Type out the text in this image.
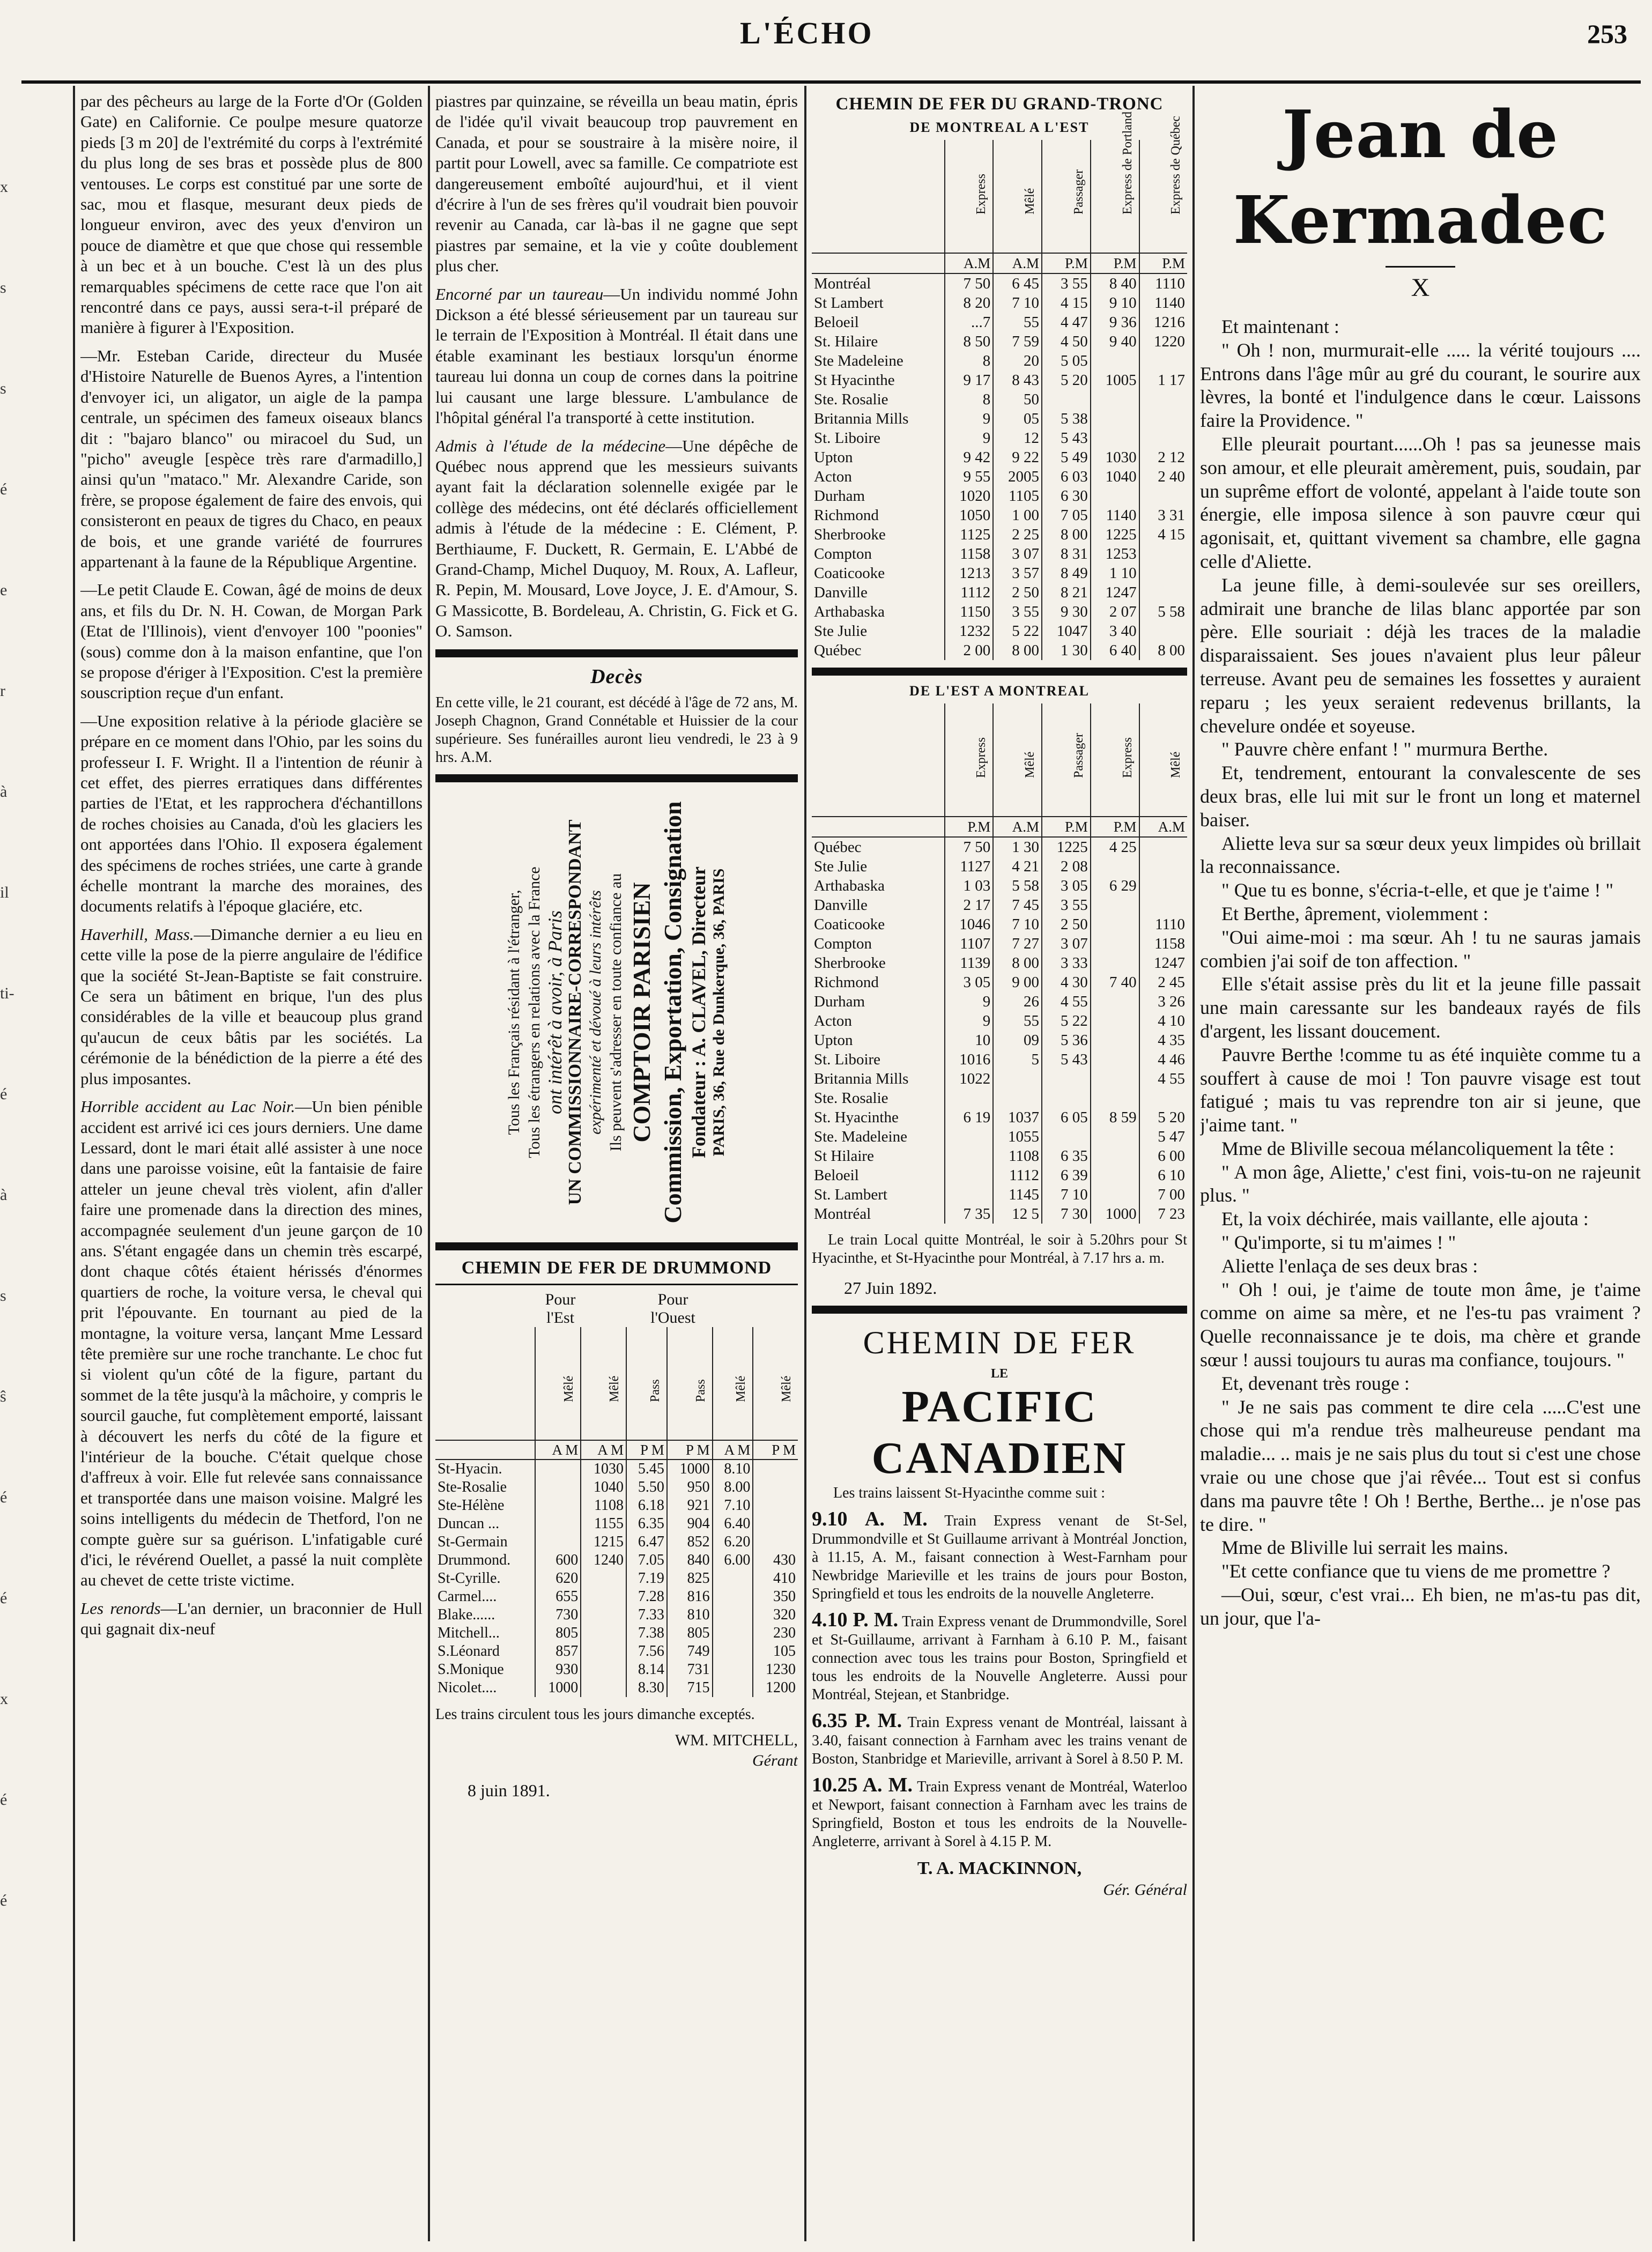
L'ÉCHO	253
x
s
s
é
e
r
à
il
ti-
é
à
s
ŝ
é
é
x
é
é

par des pêcheurs au large de la Forte d'Or (Golden Gate) en Californie. Ce poulpe mesure quatorze pieds [3 m 20] de l'extrémité du corps à l'extrémité du plus long de ses bras et possède plus de 800 ventouses. Le corps est constitué par une sorte de sac, mou et flasque, mesurant deux pieds de longueur environ, avec des yeux d'environ un pouce de diamètre et que que chose qui ressemble à un bec et à un bouche. C'est là un des plus remarquables spécimens de cette race que l'on ait rencontré dans ce pays, aussi sera-t-il préparé de manière à figurer à l'Exposition.

—Mr. Esteban Caride, directeur du Musée d'Histoire Naturelle de Buenos Ayres, a l'intention d'envoyer ici, un aligator, un aigle de la pampa centrale, un spécimen des fameux oiseaux blancs dit : "bajaro blanco" ou miracoel du Sud, un "picho" aveugle [espèce très rare d'armadillo,] ainsi qu'un "mataco." Mr. Alexandre Caride, son frère, se propose également de faire des envois, qui consisteront en peaux de tigres du Chaco, en peaux de bois, et une grande variété de fourrures appartenant à la faune de la République Argentine.

—Le petit Claude E. Cowan, âgé de moins de deux ans, et fils du Dr. N. H. Cowan, de Morgan Park (Etat de l'Illinois), vient d'envoyer 100 "poonies" (sous) comme don à la maison enfantine, que l'on se propose d'ériger à l'Exposition. C'est la première souscription reçue d'un enfant.

—Une exposition relative à la période glacière se prépare en ce moment dans l'Ohio, par les soins du professeur I. F. Wright. Il a l'intention de réunir à cet effet, des pierres erratiques dans différentes parties de l'Etat, et les rapprochera d'échantillons de roches choisies au Canada, d'où les glaciers les ont apportées dans l'Ohio. Il exposera également des spécimens de roches striées, une carte à grande échelle montrant la marche des moraines, des documents relatifs à l'époque glaciére, etc.

Haverhill, Mass.—Dimanche dernier a eu lieu en cette ville la pose de la pierre angulaire de l'édifice que la société St-Jean-Baptiste se fait construire. Ce sera un bâtiment en brique, l'un des plus considérables de la ville et beaucoup plus grand qu'aucun de ceux bâtis par les sociétés. La cérémonie de la bénédiction de la pierre a été des plus imposantes.

Horrible accident au Lac Noir.—Un bien pénible accident est arrivé ici ces jours derniers. Une dame Lessard, dont le mari était allé assister à une noce dans une paroisse voisine, eût la fantaisie de faire atteler un jeune cheval très violent, afin d'aller faire une promenade dans la direction des mines, accompagnée seulement d'un jeune garçon de 10 ans. S'étant engagée dans un chemin très escarpé, dont chaque côtés étaient hérissés d'énormes quartiers de roche, la voiture versa, le cheval qui prit l'épouvante. En tournant au pied de la montagne, la voiture versa, lançant Mme Lessard tête première sur une roche tranchante. Le choc fut si violent qu'un côté de la figure, partant du sommet de la tête jusqu'à la mâchoire, y compris le sourcil gauche, fut complètement emporté, laissant à découvert les nerfs du côté de la figure et l'intérieur de la bouche. C'était quelque chose d'affreux à voir. Elle fut relevée sans connaissance et transportée dans une maison voisine. Malgré les soins intelligents du médecin de Thetford, l'on ne compte guère sur sa guérison. L'infatigable curé d'ici, le révérend Ouellet, a passé la nuit complète au chevet de cette triste victime.

Les renords—L'an dernier, un braconnier de Hull qui gagnait dix-neuf

piastres par quinzaine, se réveilla un beau matin, épris de l'idée qu'il vivait beaucoup trop pauvrement en Canada, et pour se soustraire à la misère noire, il partit pour Lowell, avec sa famille. Ce compatriote est dangereusement emboîté aujourd'hui, et il vient d'écrire à l'un de ses frères qu'il voudrait bien pouvoir revenir au Canada, car là-bas il ne gagne que sept piastres par semaine, et la vie y coûte doublement plus cher.

Encorné par un taureau—Un individu nommé John Dickson a été blessé sérieusement par un taureau sur le terrain de l'Exposition à Montréal. Il était dans une étable examinant les bestiaux lorsqu'un énorme taureau lui donna un coup de cornes dans la poitrine lui causant une large blessure. L'ambulance de l'hôpital général l'a transporté à cette institution.

Admis à l'étude de la médecine—Une dépêche de Québec nous apprend que les messieurs suivants ayant fait la déclaration solennelle exigée par le collège des médecins, ont été déclarés officiellement admis à l'étude de la médecine : E. Clément, P. Berthiaume, F. Duckett, R. Germain, E. L'Abbé de Grand-Champ, Michel Duquoy, M. Roux, A. Lafleur, R. Pepin, M. Mousard, Love Joyce, J. E. d'Amour, S. G Massicotte, B. Bordeleau, A. Christin, G. Fick et G. O. Samson.

Decès

En cette ville, le 21 courant, est décédé à l'âge de 72 ans, M. Joseph Chagnon, Grand Connétable et Huissier de la cour supérieure. Ses funérailles auront lieu vendredi, le 23 à 9 hrs. A.M.

Tous les Français résidant à l'étranger, Tous les étrangers en relations avec la France ont intérêt à avoir, à Paris UN COMMISSIONNAIRE-CORRESPONDANT expérimenté et dévoué à leurs intérêts Ils peuvent s'adresser en toute confiance au COMPTOIR PARISIEN Commission, Exportation, Consignation Fondateur : A. CLAVEL, Directeur PARIS, 36, Rue de Dunkerque, 36, PARIS
CHEMIN DE FER DE DRUMMOND
Pour l'Est
Pour l'Ouest
	Mêlé	Mêlé	Pass	Pass	Mêlé	Mêlé
	A M	A M	P M	P M	A M	P M
St-Hyacin.		1030	5.45	1000	8.10	
Ste-Rosalie		1040	5.50	950	8.00	
Ste-Hélène		1108	6.18	921	7.10	
Duncan ...		1155	6.35	904	6.40	
St-Germain		1215	6.47	852	6.20	
Drummond.	600	1240	7.05	840	6.00	430
St-Cyrille.	620		7.19	825		410
Carmel....	655		7.28	816		350
Blake......	730		7.33	810		320
Mitchell...	805		7.38	805		230
S.Léonard	857		7.56	749		105
S.Monique	930		8.14	731		1230
Nicolet....	1000		8.30	715		1200

Les trains circulent tous les jours dimanche exceptés.

WM. MITCHELL,
Gérant
8 juin 1891.
CHEMIN DE FER DU GRAND-TRONC
DE MONTREAL A L'EST
	Express	Mêlé	Passager	Express de Portland	Express de Québec
	A.M	A.M	P.M	P.M	P.M
Montréal	7 50	6 45	3 55	8 40	1110
St Lambert	8 20	7 10	4 15	9 10	1140
Beloeil	...7	55	4 47	9 36	1216
St. Hilaire	8 50	7 59	4 50	9 40	1220
Ste Madeleine	8	20	5 05		
St Hyacinthe	9 17	8 43	5 20	1005	1 17
Ste. Rosalie	8	50			
Britannia Mills	9	05	5 38		
St. Liboire	9	12	5 43		
Upton	9 42	9 22	5 49	1030	2 12
Acton	9 55	2005	6 03	1040	2 40
Durham	1020	1105	6 30		
Richmond	1050	1 00	7 05	1140	3 31
Sherbrooke	1125	2 25	8 00	1225	4 15
Compton	1158	3 07	8 31	1253	
Coaticooke	1213	3 57	8 49	1 10	
Danville	1112	2 50	8 21	1247	
Arthabaska	1150	3 55	9 30	2 07	5 58
Ste Julie	1232	5 22	1047	3 40	
Québec	2 00	8 00	1 30	6 40	8 00
DE L'EST A MONTREAL
	Express	Mêlé	Passager	Express	Mêlé
	P.M	A.M	P.M	P.M	A.M
Québec	7 50	1 30	1225	4 25	
Ste Julie	1127	4 21	2 08		
Arthabaska	1 03	5 58	3 05	6 29	
Danville	2 17	7 45	3 55		
Coaticooke	1046	7 10	2 50		1110
Compton	1107	7 27	3 07		1158
Sherbrooke	1139	8 00	3 33		1247
Richmond	3 05	9 00	4 30	7 40	2 45
Durham	9	26	4 55		3 26
Acton	9	55	5 22		4 10
Upton	10	09	5 36		4 35
St. Liboire	1016	5	5 43		4 46
Britannia Mills	1022				4 55
Ste. Rosalie					
St. Hyacinthe	6 19	1037	6 05	8 59	5 20
Ste. Madeleine		1055			5 47
St Hilaire		1108	6 35		6 00
Beloeil		1112	6 39		6 10
St. Lambert		1145	7 10		7 00
Montréal	7 35	12 5	7 30	1000	7 23

Le train Local quitte Montréal, le soir à 5.20hrs pour St Hyacinthe, et St-Hyacinthe pour Montréal, à 7.17 hrs a. m.

27 Juin 1892.
CHEMIN DE FER
LE
PACIFIC CANADIEN

Les trains laissent St-Hyacinthe comme suit :

9.10 A. M. Train Express venant de St-Sel, Drummondville et St Guillaume arrivant à Montréal Jonction, à 11.15, A. M., faisant connection à West-Farnham pour Newbridge Marieville et les trains de jours pour Boston, Springfield et tous les endroits de la nouvelle Angleterre.

4.10 P. M. Train Express venant de Drummondville, Sorel et St-Guillaume, arrivant à Farnham à 6.10 P. M., faisant connection avec tous les trains pour Boston, Springfield et tous les endroits de la Nouvelle Angleterre. Aussi pour Montréal, Stejean, et Stanbridge.

6.35 P. M. Train Express venant de Montréal, laissant à 3.40, faisant connection à Farnham avec les trains venant de Boston, Stanbridge et Marieville, arrivant à Sorel à 8.50 P. M.

10.25 A. M. Train Express venant de Montréal, Waterloo et Newport, faisant connection à Farnham avec les trains de Springfield, Boston et tous les endroits de la Nouvelle-Angleterre, arrivant à Sorel à 4.15 P. M.

T. A. MACKINNON,
Gér. Général
Jean de Kermadec
X

Et maintenant :

" Oh ! non, murmurait-elle ..... la vérité toujours .... Entrons dans l'âge mûr au gré du courant, le sourire aux lèvres, la bonté et l'indulgence dans le cœur. Laissons faire la Providence. "

Elle pleurait pourtant......Oh ! pas sa jeunesse mais son amour, et elle pleurait amèrement, puis, soudain, par un suprême effort de volonté, appelant à l'aide toute son énergie, elle imposa silence à son pauvre cœur qui agonisait, et, quittant vivement sa chambre, elle gagna celle d'Aliette.

La jeune fille, à demi-soulevée sur ses oreillers, admirait une branche de lilas blanc apportée par son père. Elle souriait : déjà les traces de la maladie disparaissaient. Ses joues n'avaient plus leur pâleur terreuse. Avant peu de semaines les fossettes y auraient reparu ; les yeux seraient redevenus brillants, la chevelure ondée et soyeuse.

" Pauvre chère enfant ! " murmura Berthe.

Et, tendrement, entourant la convalescente de ses deux bras, elle lui mit sur le front un long et maternel baiser.

Aliette leva sur sa sœur deux yeux limpides où brillait la reconnaissance.

" Que tu es bonne, s'écria-t-elle, et que je t'aime ! "

Et Berthe, âprement, violemment :

"Oui aime-moi : ma sœur. Ah ! tu ne sauras jamais combien j'ai soif de ton affection. "

Elle s'était assise près du lit et la jeune fille passait une main caressante sur les bandeaux rayés de fils d'argent, les lissant doucement.

Pauvre Berthe !comme tu as été inquiète comme tu a souffert à cause de moi ! Ton pauvre visage est tout fatigué ; mais tu vas reprendre ton air si jeune, que j'aime tant. "

Mme de Bliville secoua mélancoliquement la tête :

" A mon âge, Aliette,' c'est fini, vois-tu-on ne rajeunit plus. "

Et, la voix déchirée, mais vaillante, elle ajouta :

" Qu'importe, si tu m'aimes ! "

Aliette l'enlaça de ses deux bras :

" Oh ! oui, je t'aime de toute mon âme, je t'aime comme on aime sa mère, et ne l'es-tu pas vraiment ? Quelle reconnaissance je te dois, ma chère et grande sœur ! aussi toujours tu auras ma confiance, toujours. "

Et, devenant très rouge :

" Je ne sais pas comment te dire cela .....C'est une chose qui m'a rendue très malheureuse pendant ma maladie... .. mais je ne sais plus du tout si c'est une chose vraie ou une chose que j'ai rêvée... Tout est si confus dans ma pauvre tête ! Oh ! Berthe, Berthe... je n'ose pas te dire. "

Mme de Bliville lui serrait les mains.

"Et cette confiance que tu viens de me promettre ?

—Oui, sœur, c'est vrai... Eh bien, ne m'as-tu pas dit, un jour, que l'a-
